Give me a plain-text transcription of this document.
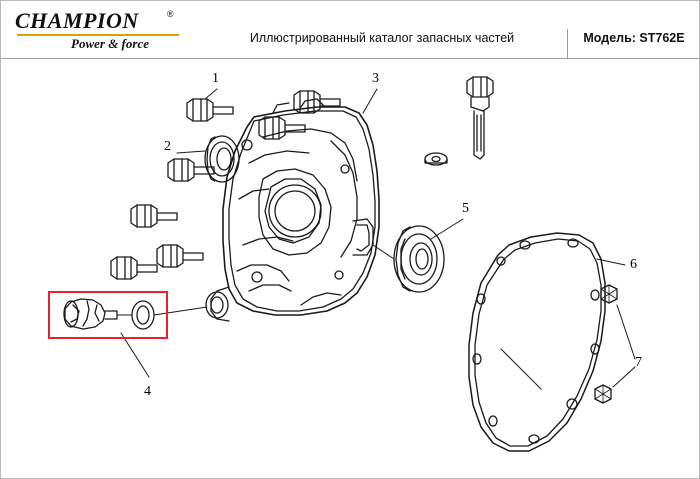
CHAMPION	®
Power & force	Иллюстрированный каталог запасных частей	Модель: ST762E
1
2
3
4
5
6
7
